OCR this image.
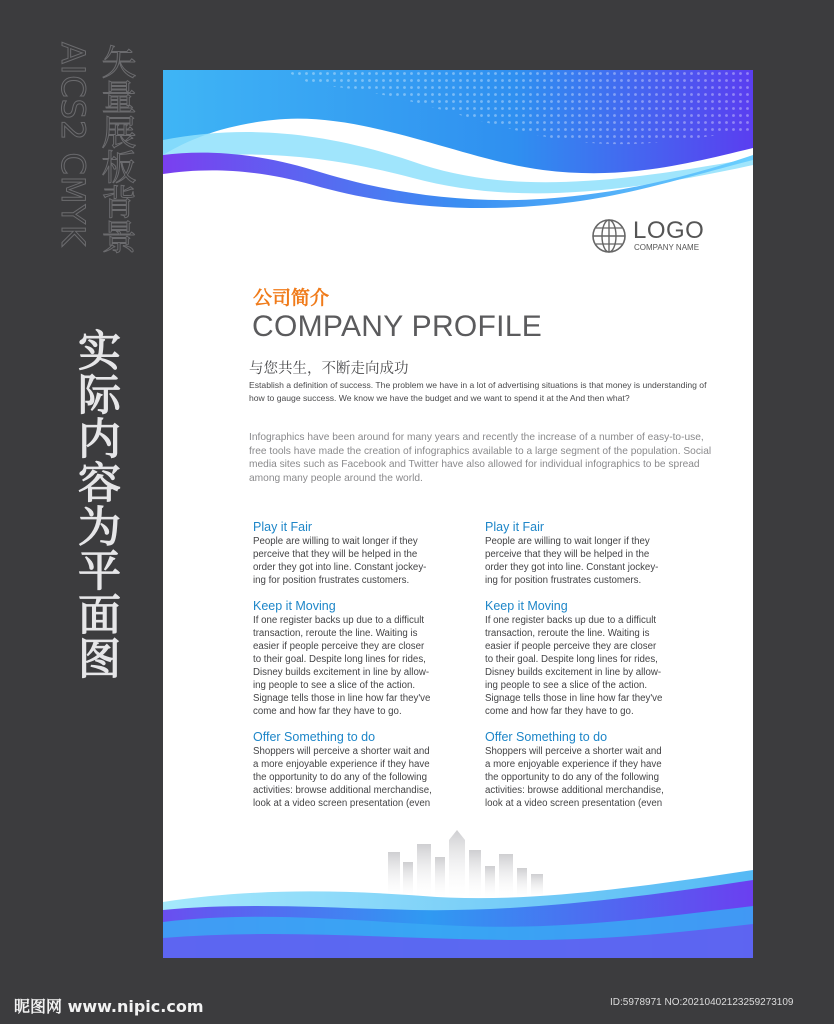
AICS2 CMYK 矢量展板背景
实际内容为平面图
LOGO
COMPANY NAME
公司简介
COMPANY PROFILE
与您共生，不断走向成功
Establish a definition of success. The problem we have in a lot of advertising situations is that money is understanding of how to gauge success. We know we have the budget and we want to spend it at the And then what?
Infographics have been around for many years and recently the increase of a number of easy-to-use, free tools have made the creation of infographics available to a large segment of the population. Social media sites such as Facebook and Twitter have also allowed for individual infographics to be spread among many people around the world.
Play it Fair

People are willing to wait longer if they
perceive that they will be helped in the
order they got into line. Constant jockey-
ing for position frustrates customers.

Keep it Moving

If one register backs up due to a difficult
transaction, reroute the line. Waiting is
easier if people perceive they are closer
to their goal. Despite long lines for rides,
Disney builds excitement in line by allow-
ing people to see a slice of the action.
Signage tells those in line how far they've
come and how far they have to go.

Offer Something to do

Shoppers will perceive a shorter wait and
a more enjoyable experience if they have
the opportunity to do any of the following
activities: browse additional merchandise,
look at a video screen presentation (even

Play it Fair

People are willing to wait longer if they
perceive that they will be helped in the
order they got into line. Constant jockey-
ing for position frustrates customers.

Keep it Moving

If one register backs up due to a difficult
transaction, reroute the line. Waiting is
easier if people perceive they are closer
to their goal. Despite long lines for rides,
Disney builds excitement in line by allow-
ing people to see a slice of the action.
Signage tells those in line how far they've
come and how far they have to go.

Offer Something to do

Shoppers will perceive a shorter wait and
a more enjoyable experience if they have
the opportunity to do any of the following
activities: browse additional merchandise,
look at a video screen presentation (even

昵图网 www.nipic.com	ID:5978971 NO:20210402123259273109
